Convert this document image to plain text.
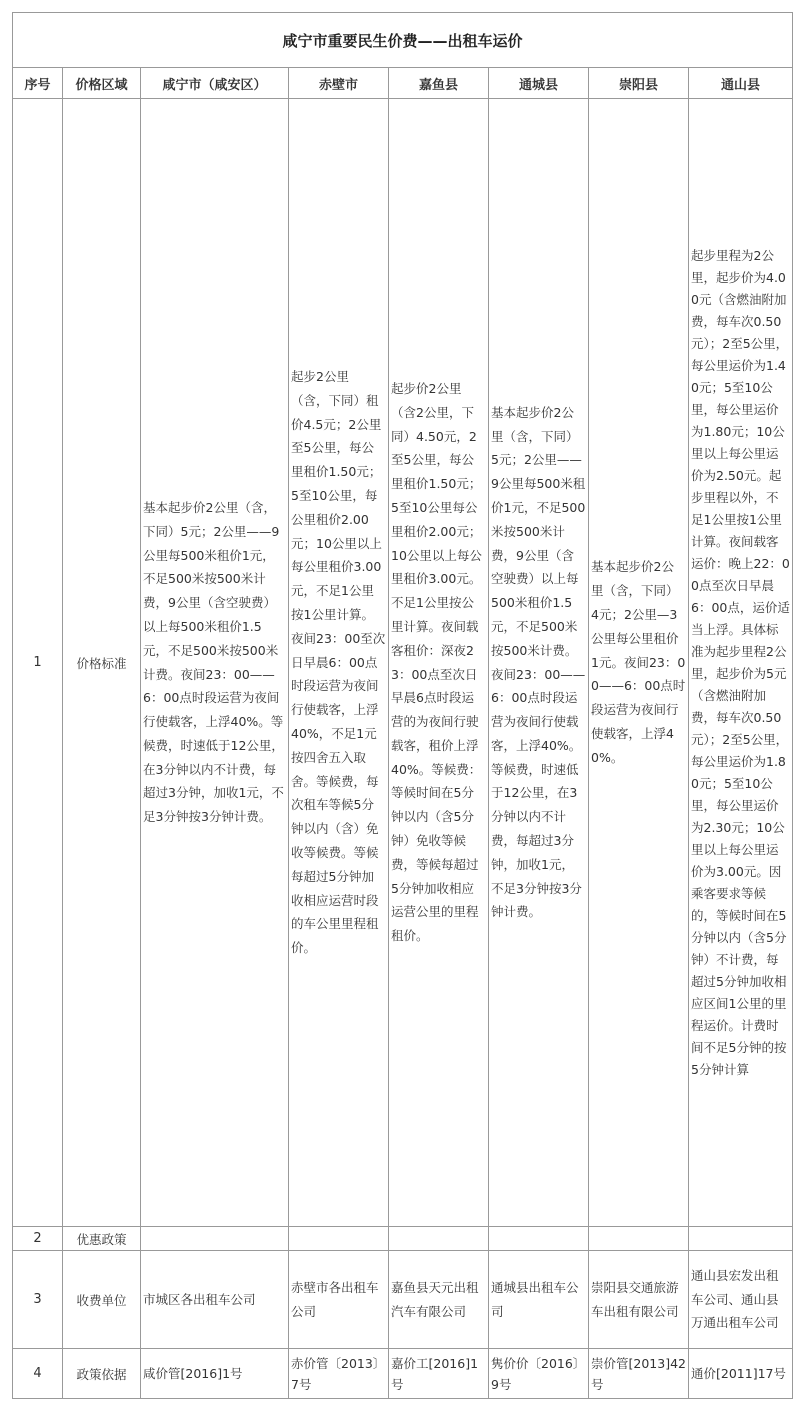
咸宁市重要民生价费——出租车运价							
序号	价格区域	咸宁市（咸安区）	赤壁市	嘉鱼县	通城县	崇阳县	通山县
1	价格标准	基本起步价2公里（含，下同）5元；2公里——9公里每500米租价1元，不足500米按500米计费，9公里（含空驶费）以上每500米租价1.5元，不足500米按500米计费。夜间23：00——6：00点时段运营为夜间行使载客，上浮40%。等候费，时速低于12公里，在3分钟以内不计费，每超过3分钟，加收1元，不足3分钟按3分钟计费。	起步2公里（含，下同）租价4.5元；2公里至5公里，每公里租价1.50元；5至10公里，每公里租价2.00元；10公里以上每公里租价3.00元，不足1公里按1公里计算。夜间23：00至次日早晨6：00点时段运营为夜间行使载客，上浮40%，不足1元按四舍五入取舍。等候费，每次租车等候5分钟以内（含）免收等候费。等候每超过5分钟加收相应运营时段的车公里里程租价。	起步价2公里（含2公里，下同）4.50元，2至5公里，每公里租价1.50元；5至10公里每公里租价2.00元；10公里以上每公里租价3.00元。不足1公里按公里计算。夜间载客租价：深夜23：00点至次日早晨6点时段运营的为夜间行驶载客，租价上浮40%。等候费：等候时间在5分钟以内（含5分钟）免收等候费，等候每超过5分钟加收相应运营公里的里程租价。	基本起步价2公里（含，下同）5元；2公里——9公里每500米租价1元，不足500米按500米计费，9公里（含空驶费）以上每500米租价1.5元，不足500米按500米计费。夜间23：00——6：00点时段运营为夜间行使载客，上浮40%。等候费，时速低于12公里，在3分钟以内不计费，每超过3分钟，加收1元，不足3分钟按3分钟计费。	基本起步价2公里（含，下同）4元；2公里—3公里每公里租价1元。夜间23：00——6：00点时段运营为夜间行使载客，上浮40%。	起步里程为2公里，起步价为4.00元（含燃油附加费，每车次0.50元）；2至5公里，每公里运价为1.40元；5至10公里，每公里运价为1.80元；10公里以上每公里运价为2.50元。起步里程以外，不足1公里按1公里计算。夜间载客运价：晚上22：00点至次日早晨6：00点，运价适当上浮。具体标准为起步里程2公里，起步价为5元（含燃油附加费，每车次0.50元）；2至5公里，每公里运价为1.80元；5至10公里，每公里运价为2.30元；10公里以上每公里运价为3.00元。因乘客要求等候的，等候时间在5分钟以内（含5分钟）不计费，每超过5分钟加收相应区间1公里的里程运价。计费时间不足5分钟的按5分钟计算
2	优惠政策						
3	收费单位	市城区各出租车公司	赤壁市各出租车公司	嘉鱼县天元出租汽车有限公司	通城县出租车公司	崇阳县交通旅游车出租有限公司	通山县宏发出租车公司、通山县万通出租车公司
4	政策依据	咸价管[2016]1号	赤价管〔2013〕7号	嘉价工[2016]1号	隽价价〔2016〕9号	崇价管[2013]42号	通价[2011]17号
